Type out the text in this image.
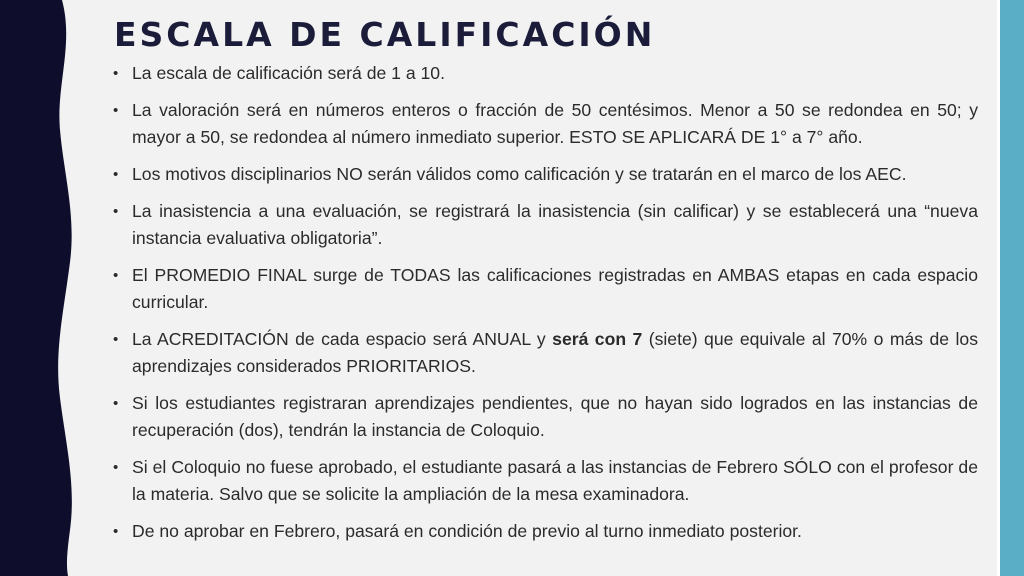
ESCALA DE CALIFICACIÓN
• La escala de calificación será de 1 a 10.
• La valoración será en números enteros o fracción de 50 centésimos. Menor a 50 se redondea en 50; y mayor a 50, se redondea al número inmediato superior. ESTO SE APLICARÁ DE 1° a 7° año.
• Los motivos disciplinarios NO serán válidos como calificación y se tratarán en el marco de los AEC.
• La inasistencia a una evaluación, se registrará la inasistencia (sin calificar) y se establecerá una “nueva instancia evaluativa obligatoria”.
• El PROMEDIO FINAL surge de TODAS las calificaciones registradas en AMBAS etapas en cada espacio curricular.
• La ACREDITACIÓN de cada espacio será ANUAL y será con 7 (siete) que equivale al 70% o más de los aprendizajes considerados PRIORITARIOS.
• Si los estudiantes registraran aprendizajes pendientes, que no hayan sido logrados en las instancias de recuperación (dos), tendrán la instancia de Coloquio.
• Si el Coloquio no fuese aprobado, el estudiante pasará a las instancias de Febrero SÓLO con el profesor de la materia. Salvo que se solicite la ampliación de la mesa examinadora.
• De no aprobar en Febrero, pasará en condición de previo al turno inmediato posterior.
